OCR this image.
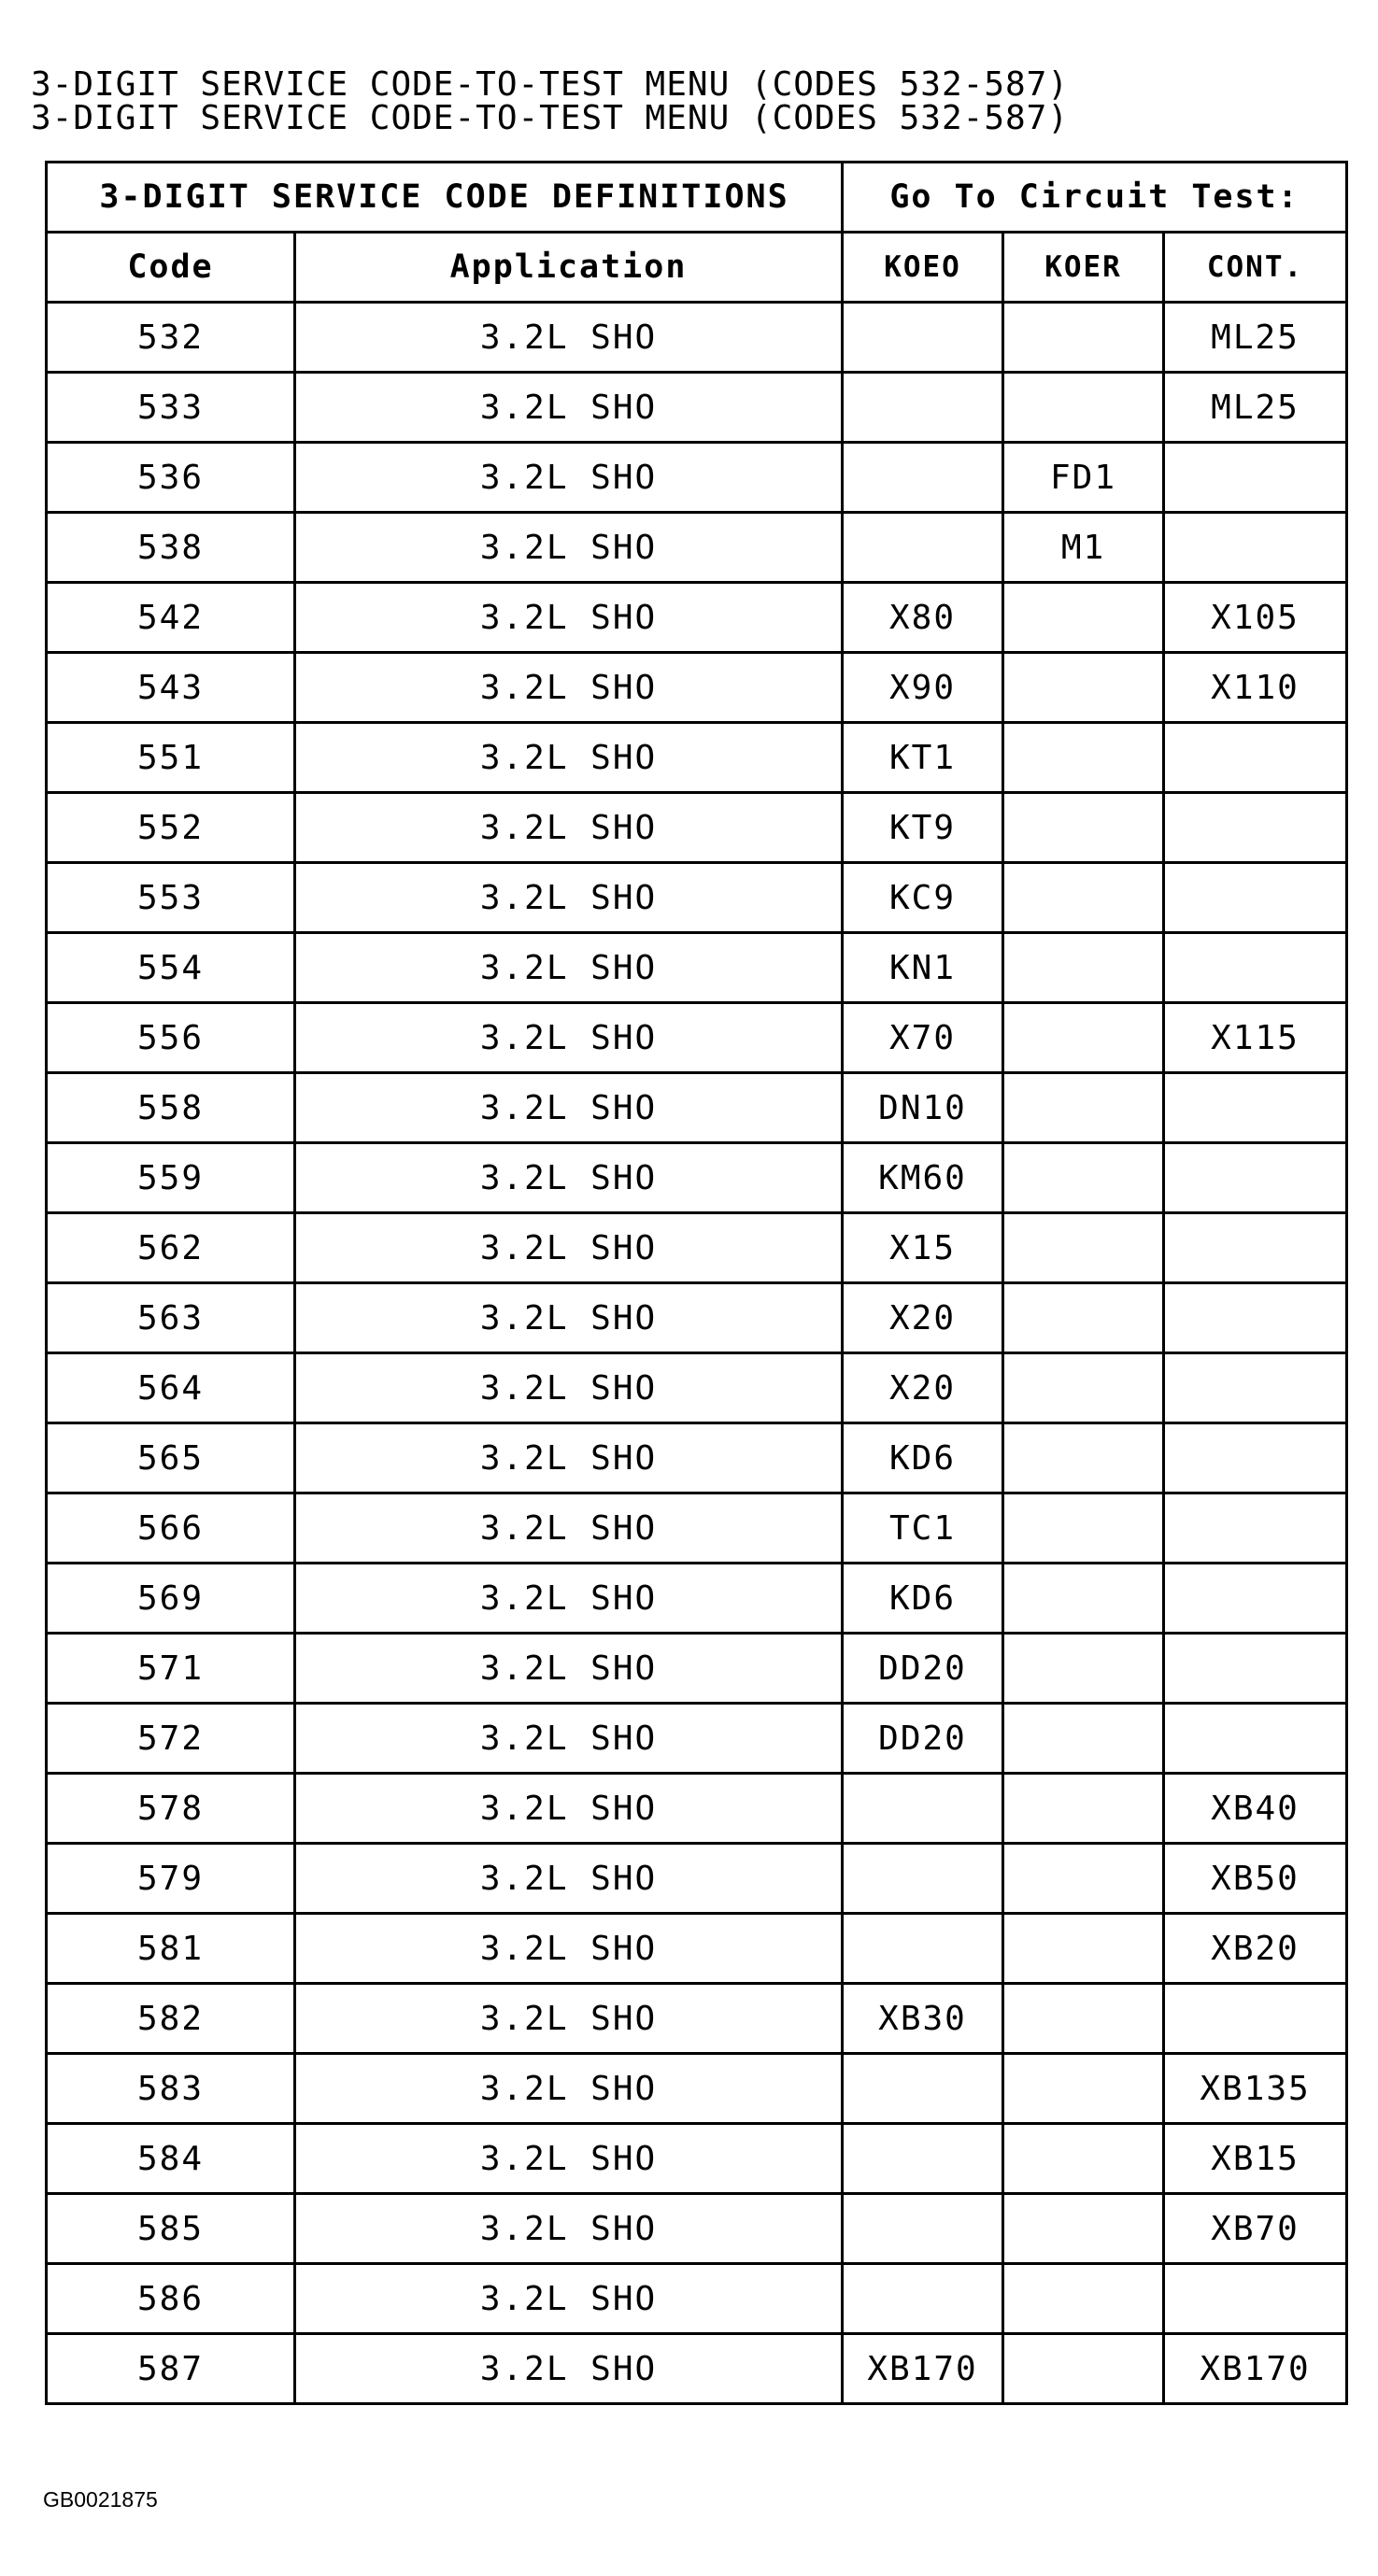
3-DIGIT SERVICE CODE-TO-TEST MENU (CODES 532-587)
3-DIGIT SERVICE CODE-TO-TEST MENU (CODES 532-587)
3-DIGIT SERVICE CODE DEFINITIONS		Go To Circuit Test:		
Code	Application	KOEO	KOER	CONT.
532	3.2L SHO			ML25
533	3.2L SHO			ML25
536	3.2L SHO		FD1	
538	3.2L SHO		M1	
542	3.2L SHO	X80		X105
543	3.2L SHO	X90		X110
551	3.2L SHO	KT1		
552	3.2L SHO	KT9		
553	3.2L SHO	KC9		
554	3.2L SHO	KN1		
556	3.2L SHO	X70		X115
558	3.2L SHO	DN10		
559	3.2L SHO	KM60		
562	3.2L SHO	X15		
563	3.2L SHO	X20		
564	3.2L SHO	X20		
565	3.2L SHO	KD6		
566	3.2L SHO	TC1		
569	3.2L SHO	KD6		
571	3.2L SHO	DD20		
572	3.2L SHO	DD20		
578	3.2L SHO			XB40
579	3.2L SHO			XB50
581	3.2L SHO			XB20
582	3.2L SHO	XB30		
583	3.2L SHO			XB135
584	3.2L SHO			XB15
585	3.2L SHO			XB70
586	3.2L SHO			
587	3.2L SHO	XB170		XB170
GB0021875
